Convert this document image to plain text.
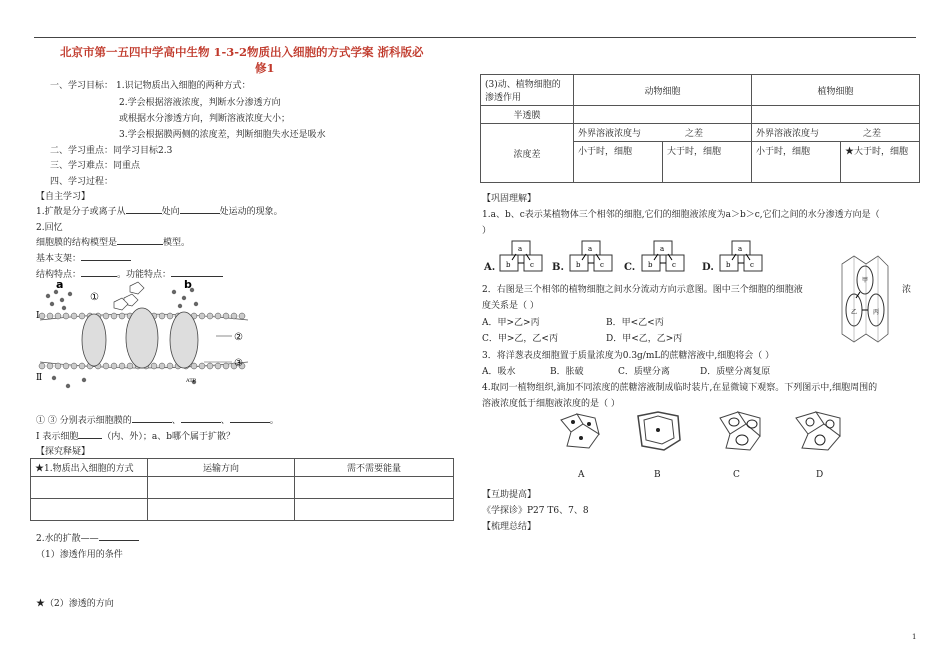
北京市第一五四中学高中生物 1-3-2物质出入细胞的方式学案 浙科版必
修1
一、学习目标： 1.识记物质出入细胞的两种方式：
2.学会根据溶液浓度，判断水分渗透方向
或根据水分渗透方向，判断溶液浓度大小；
3.学会根据膜两侧的浓度差，判断细胞失水还是吸水
二、学习重点：同学习目标2.3
三、学习难点：同重点
四、学习过程：
【自主学习】
1.扩散是分子或离子从	处向	处运动的现象。
2.回忆
细胞膜的结构模型是	模型。
基本支架：
结构特点：	。功能特点：
a	b
①
②
③
Ⅰ
Ⅱ	ATP
① ③ 分别表示细胞膜的	、	、	。
Ⅰ 表示细胞	（内、外）；a、b哪个属于扩散？
【探究释疑】
★1.物质出入细胞的方式	运输方向	需不需要能量

2.水的扩散——
（1）渗透作用的条件
★（2）渗透的方向
(3)动、植物细胞的渗透作用	动物细胞		植物细胞	
半透膜				
浓度差	外界溶液浓度与 之差		外界溶液浓度与 之差	
	小于时，细胞	大于时，细胞	小于时，细胞	★大于时，细胞
【巩固理解】
1.a、b、c表示某植物体三个相邻的细胞,它们的细胞液浓度为a＞b＞c,它们之间的水分渗透方向是（
）
A.
a
b	c B.
a
b	c C.
a
b	c	D.
a
b	c
2．右图是三个相邻的植物细胞之间水分流动方向示意图。图中三个细胞的细胞液	浓
度关系是（ ）
A．甲>乙>丙	B．甲<乙<丙
C．甲>乙，乙<丙	D．甲<乙，乙>丙
甲
乙	丙
3．将洋葱表皮细胞置于质量浓度为0.3g/mL的蔗糖溶液中,细胞将会（ ）
A．吸水	B．胀破	C．质壁分离	D．质壁分离复原
4.取同一植物组织,滴加不同浓度的蔗糖溶液制成临时装片,在显微镜下观察。下列图示中,细胞周围的
溶液浓度低于细胞液浓度的是（ ）
A	B	C	D
【互助提高】
《学探诊》P27 T6、7、8
【梳理总结】
1
